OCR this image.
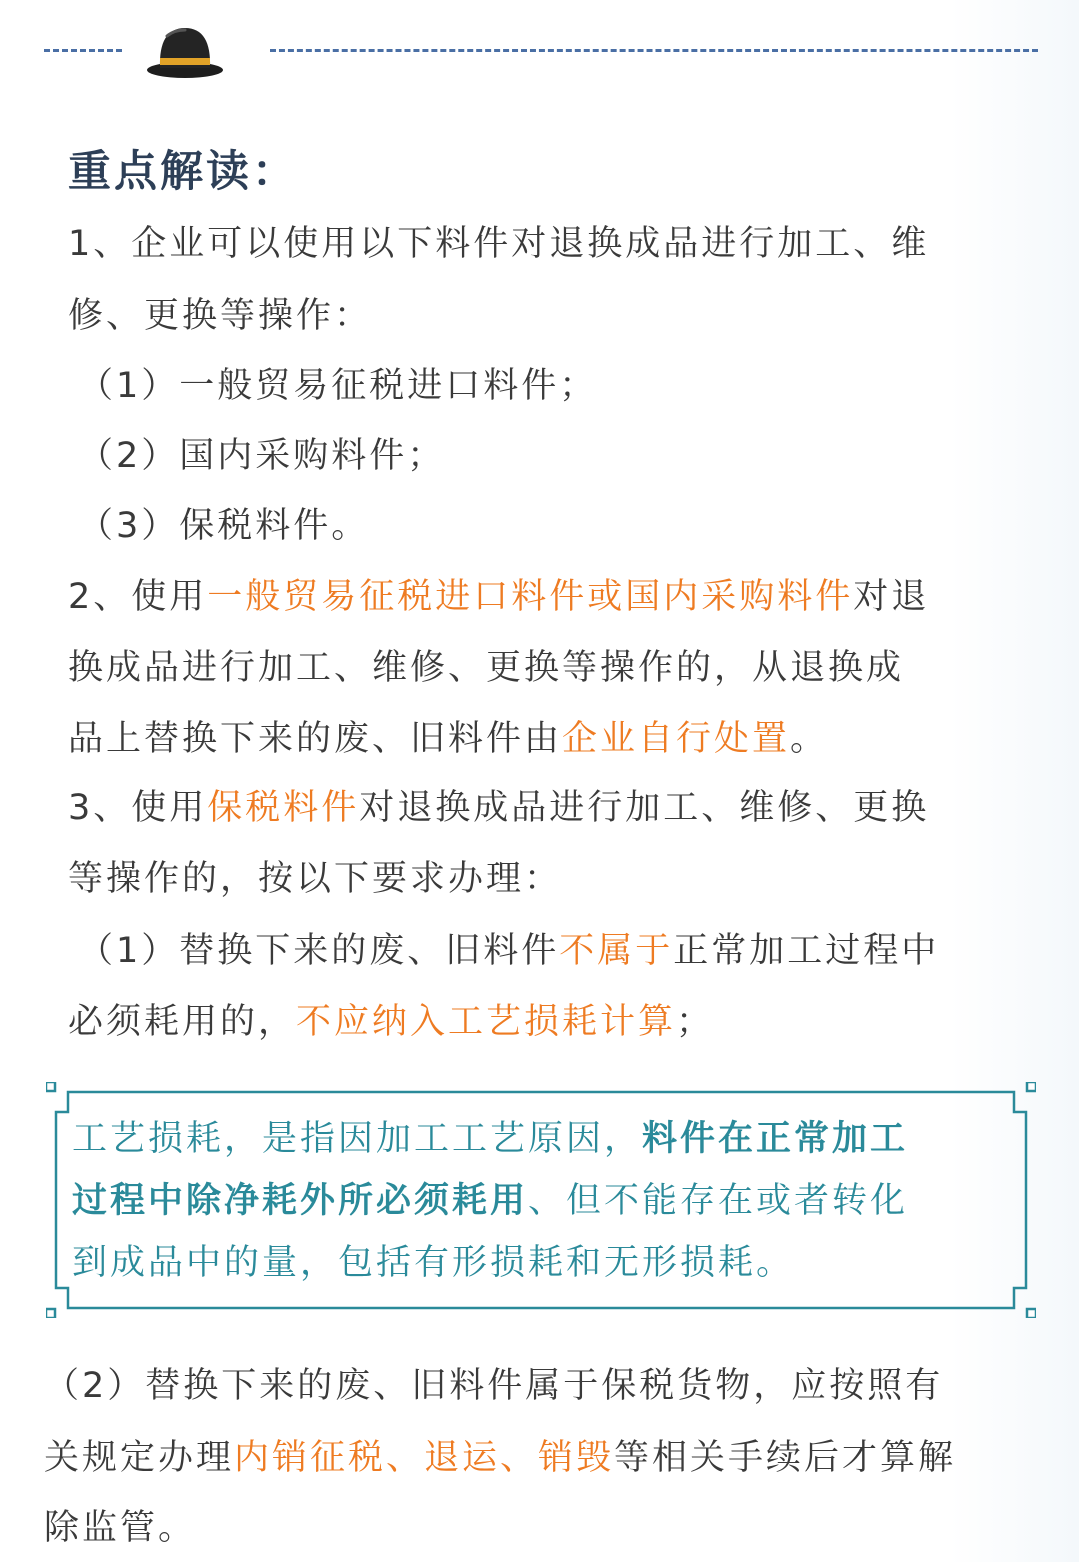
重点解读：
1、企业可以使用以下料件对退换成品进行加工、维
修、更换等操作：
（1）一般贸易征税进口料件；
（2）国内采购料件；
（3）保税料件。
2、使用一般贸易征税进口料件或国内采购料件对退
换成品进行加工、维修、更换等操作的，从退换成
品上替换下来的废、旧料件由企业自行处置。
3、使用保税料件对退换成品进行加工、维修、更换
等操作的，按以下要求办理：
（1）替换下来的废、旧料件不属于正常加工过程中
必须耗用的，不应纳入工艺损耗计算；
工艺损耗，是指因加工工艺原因，料件在正常加工
过程中除净耗外所必须耗用、但不能存在或者转化
到成品中的量，包括有形损耗和无形损耗。
（2）替换下来的废、旧料件属于保税货物，应按照有
关规定办理内销征税、退运、销毁等相关手续后才算解
除监管。
